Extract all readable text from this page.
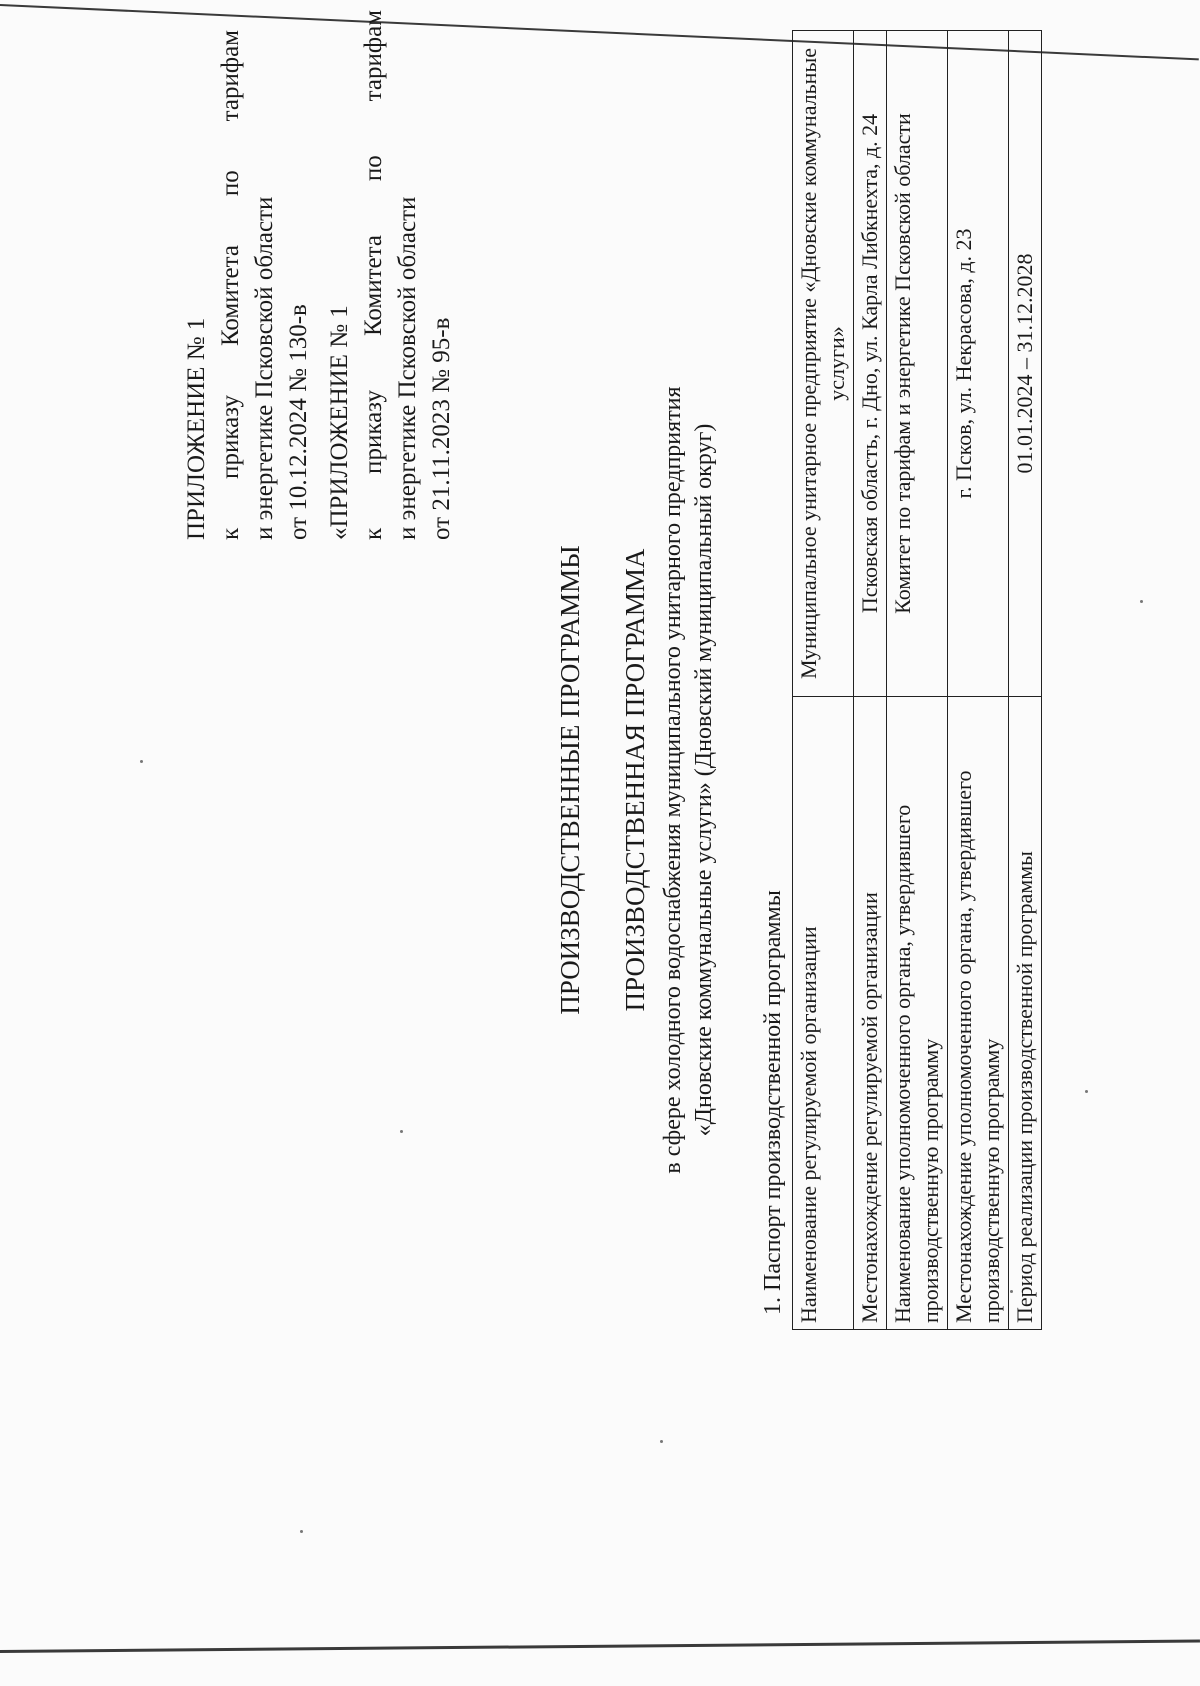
ПРИЛОЖЕНИЕ № 1 к
приказу
Комитета
по
тарифам
и энергетике Псковской области от 10.12.2024 № 130-в «ПРИЛОЖЕНИЕ № 1 к
приказу
Комитета
по
тарифам
и энергетике Псковской области от 21.11.2023 № 95-в
ПРОИЗВОДСТВЕННЫЕ ПРОГРАММЫ ПРОИЗВОДСТВЕННАЯ ПРОГРАММА в сфере холодного водоснабжения муниципального унитарного предприятия «Дновские коммунальные услуги» (Дновский муниципальный округ) 1. Паспорт производственной программы Наименование регулируемой организации	Муниципальное унитарное предприятие «Дновские коммунальные услуги»
Местонахождение регулируемой организации	Псковская область, г. Дно, ул. Карла Либкнехта, д. 24
Наименование уполномоченного органа, утвердившего производственную программу	Комитет по тарифам и энергетике Псковской области
Местонахождение уполномоченного органа, утвердившего производственную программу	г. Псков, ул. Некрасова, д. 23
Период реализации производственной программы	01.01.2024 – 31.12.2028
